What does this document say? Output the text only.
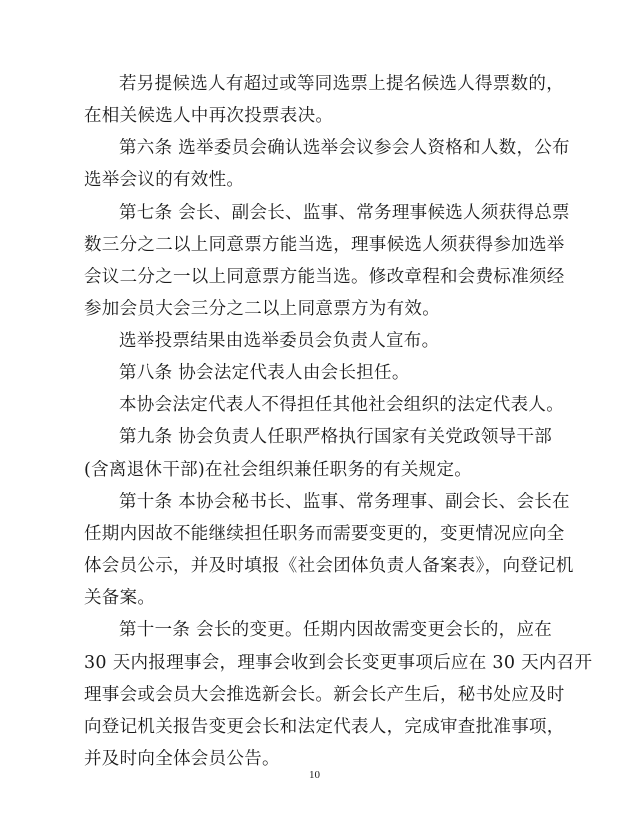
若另提候选人有超过或等同选票上提名候选人得票数的，
在相关候选人中再次投票表决。
第六条 选举委员会确认选举会议参会人资格和人数，公布
选举会议的有效性。
第七条 会长、副会长、监事、常务理事候选人须获得总票
数三分之二以上同意票方能当选，理事候选人须获得参加选举
会议二分之一以上同意票方能当选。修改章程和会费标准须经
参加会员大会三分之二以上同意票方为有效。
选举投票结果由选举委员会负责人宣布。
第八条 协会法定代表人由会长担任。
本协会法定代表人不得担任其他社会组织的法定代表人。
第九条 协会负责人任职严格执行国家有关党政领导干部
(含离退休干部)在社会组织兼任职务的有关规定。
第十条 本协会秘书长、监事、常务理事、副会长、会长在
任期内因故不能继续担任职务而需要变更的，变更情况应向全
体会员公示，并及时填报《社会团体负责人备案表》，向登记机
关备案。
第十一条 会长的变更。任期内因故需变更会长的，应在
30 天内报理事会，理事会收到会长变更事项后应在 30 天内召开
理事会或会员大会推选新会长。新会长产生后，秘书处应及时
向登记机关报告变更会长和法定代表人，完成审查批准事项，
并及时向全体会员公告。
10
